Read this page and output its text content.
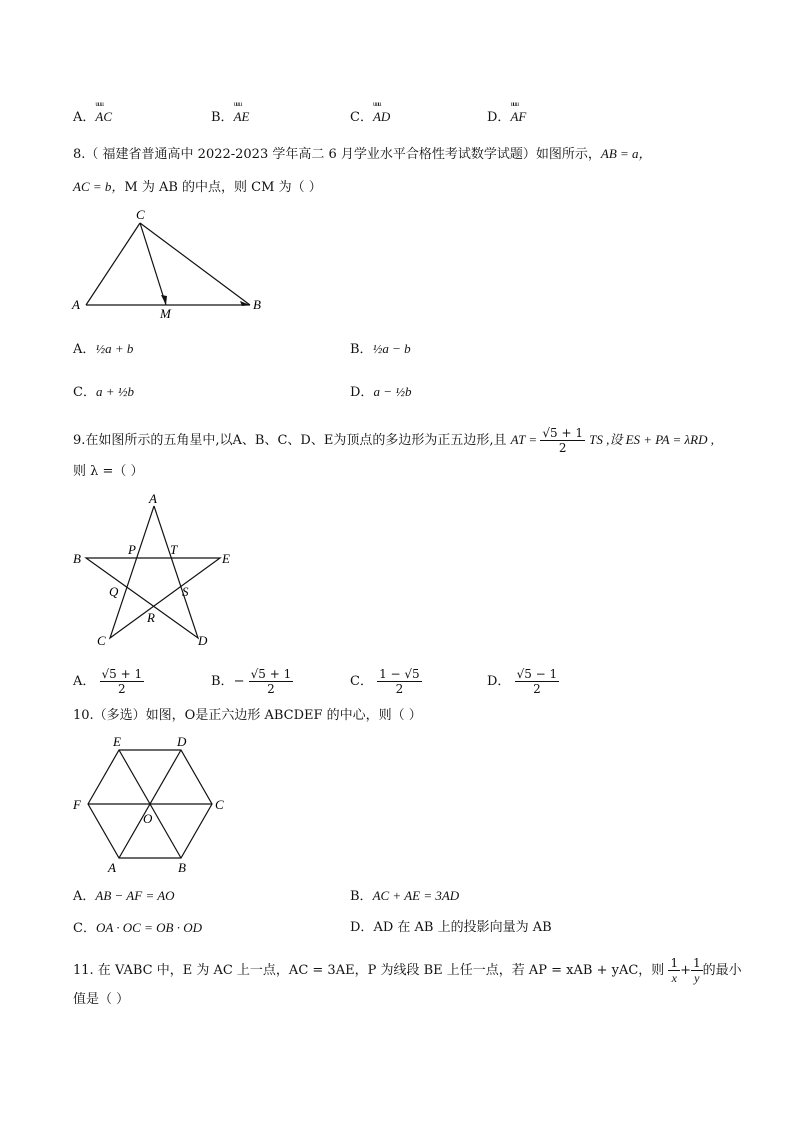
A．uuu AC	B．uuu AE	C．uuu AD	D．uuu AF
8.（ 福建省普通高中 2022-2023 学年高二 6 月学业水平合格性考试数学试题）如图所示，AB = a，
AC = b，M 为 AB 的中点，则 CM 为（ ）
C
A	B
M
A．½a + b	B．½a − b
C．a + ½b	D．a − ½b
9.在如图所示的五角星中,以A、B、C、D、E为顶点的多边形为正五边形,且 AT = $\frac{√5 + 1}{2}$ TS ,设 ES + PA = λRD ,
则 λ =（ ）
A
B	E
C	D
P	T
Q	S
R
A． $\frac{√5 + 1}{2}$	B．− $\frac{√5 + 1}{2}$	C． $\frac{1 - √5}{2}$	D． $\frac{√5 - 1}{2}$
10.（多选）如图，O是正六边形 ABCDEF 的中心，则（ ）
E	D
F	C
O
A	B
A．AB − AF = AO	B．AC + AE = 3AD
C．OA · OC = OB · OD	D．AD 在 AB 上的投影向量为 AB
11. 在 VABC 中，E 为 AC 上一点，AC = 3AE，P 为线段 BE 上任一点，若 AP = xAB + yAC，则 $\frac{1}{x} + \frac{1}{y}$ 的最小
值是（ ）
